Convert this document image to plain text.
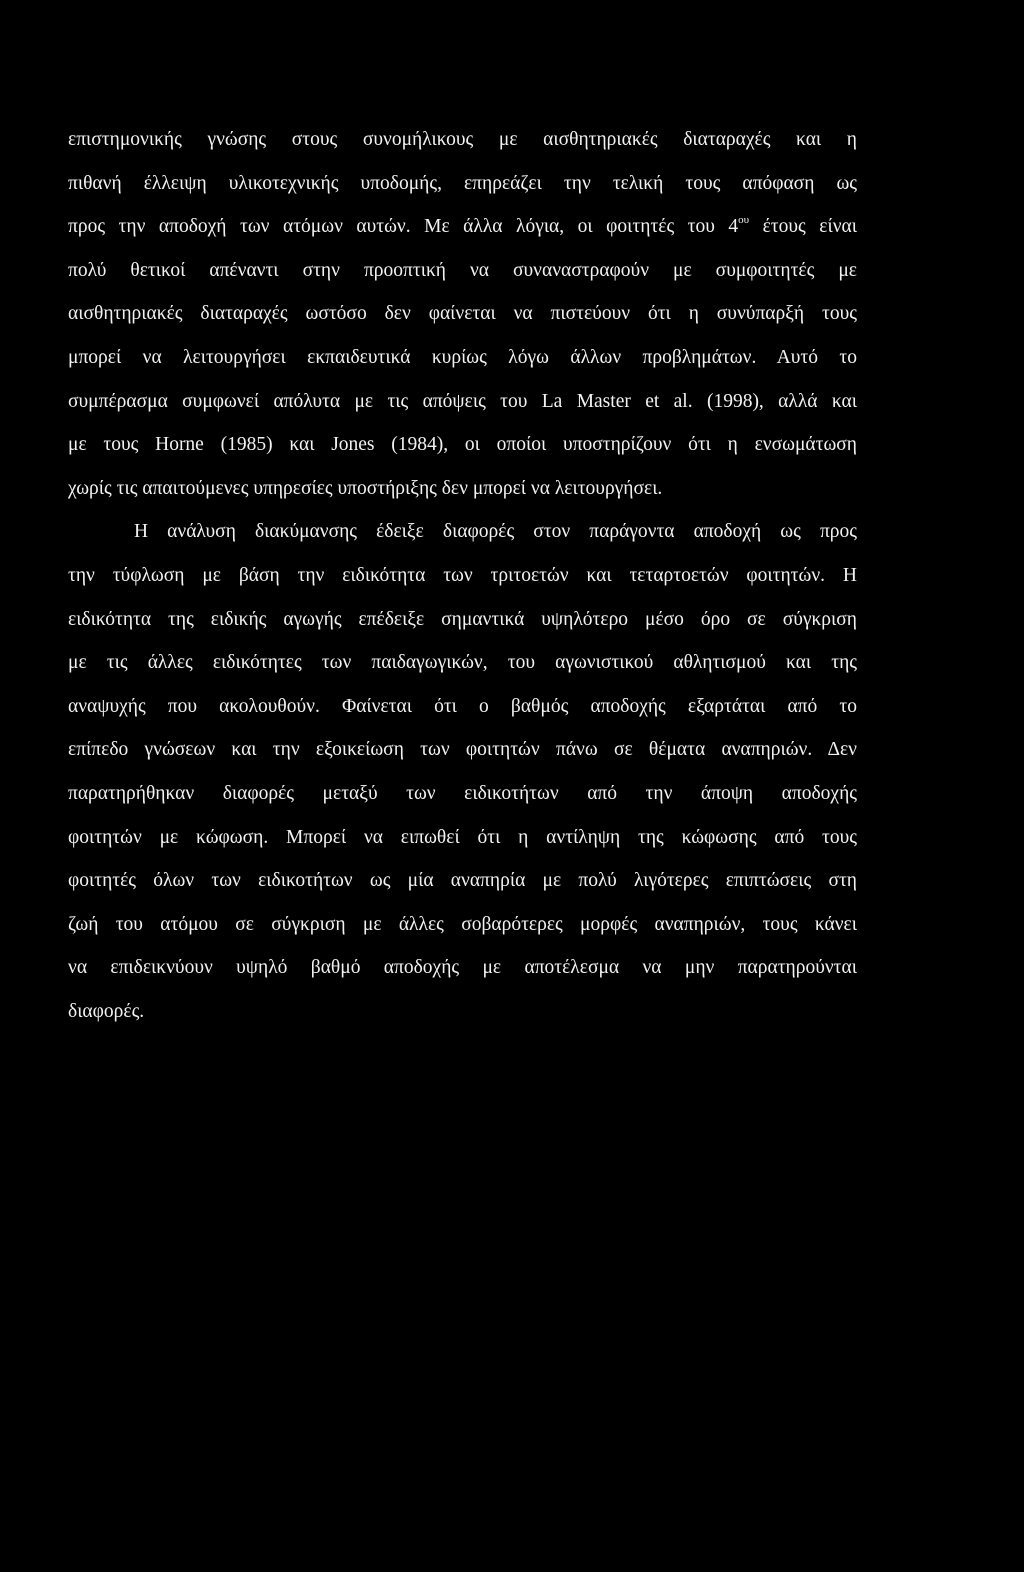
επιστημονικής γνώσης στους συνομήλικους με αισθητηριακές διαταραχές και η
πιθανή έλλειψη υλικοτεχνικής υποδομής, επηρεάζει την τελική τους απόφαση ως
προς την αποδοχή των ατόμων αυτών. Με άλλα λόγια, οι φοιτητές του $4^{o\upsilon}$ έτους είναι
πολύ θετικοί απέναντι στην προοπτική να συναναστραφούν με συμφοιτητές με
αισθητηριακές διαταραχές ωστόσο δεν φαίνεται να πιστεύουν ότι η συνύπαρξή τους
μπορεί να λειτουργήσει εκπαιδευτικά κυρίως λόγω άλλων προβλημάτων. Αυτό το
συμπέρασμα συμφωνεί απόλυτα με τις απόψεις του La Master et al. (1998), αλλά και
με τους Horne (1985) και Jones (1984), οι οποίοι υποστηρίζουν ότι η ενσωμάτωση
χωρίς τις απαιτούμενες υπηρεσίες υποστήριξης δεν μπορεί να λειτουργήσει.
Η ανάλυση διακύμανσης έδειξε διαφορές στον παράγοντα αποδοχή ως προς
την τύφλωση με βάση την ειδικότητα των τριτοετών και τεταρτοετών φοιτητών. Η
ειδικότητα της ειδικής αγωγής επέδειξε σημαντικά υψηλότερο μέσο όρο σε σύγκριση
με τις άλλες ειδικότητες των παιδαγωγικών, του αγωνιστικού αθλητισμού και της
αναψυχής που ακολουθούν. Φαίνεται ότι ο βαθμός αποδοχής εξαρτάται από το
επίπεδο γνώσεων και την εξοικείωση των φοιτητών πάνω σε θέματα αναπηριών. Δεν
παρατηρήθηκαν διαφορές μεταξύ των ειδικοτήτων από την άποψη αποδοχής
φοιτητών με κώφωση. Μπορεί να ειπωθεί ότι η αντίληψη της κώφωσης από τους
φοιτητές όλων των ειδικοτήτων ως μία αναπηρία με πολύ λιγότερες επιπτώσεις στη
ζωή του ατόμου σε σύγκριση με άλλες σοβαρότερες μορφές αναπηριών, τους κάνει
να επιδεικνύουν υψηλό βαθμό αποδοχής με αποτέλεσμα να μην παρατηρούνται
διαφορές.
